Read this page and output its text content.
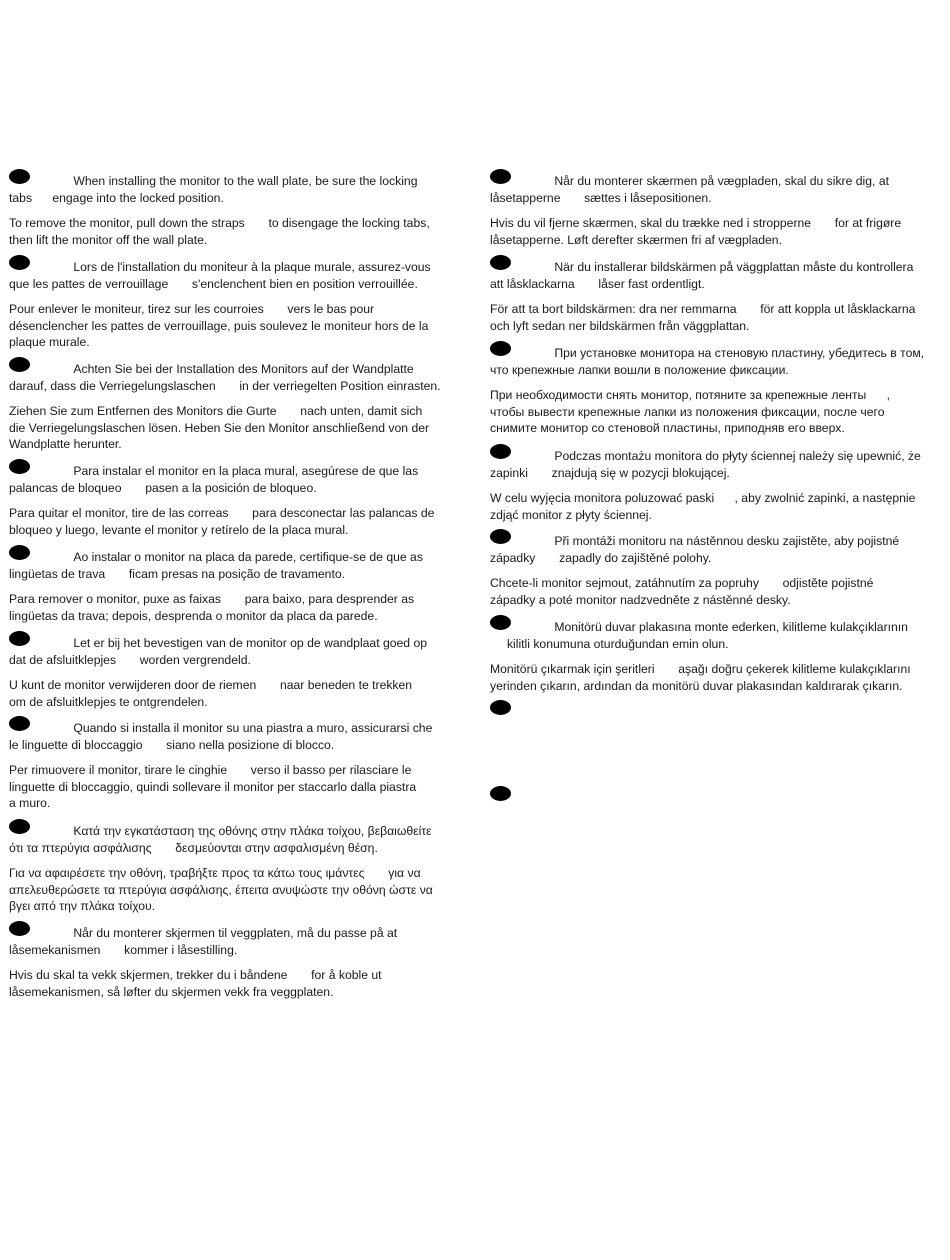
When installing the monitor to the wall plate, be sure the locking
tabs      engage into the locked position.

To remove the monitor, pull down the straps       to disengage the locking tabs,
then lift the monitor off the wall plate.

Lors de l'installation du moniteur à la plaque murale, assurez-vous
que les pattes de verrouillage       s'enclenchent bien en position verrouillée.

Pour enlever le moniteur, tirez sur les courroies       vers le bas pour
désenclencher les pattes de verrouillage, puis soulevez le moniteur hors de la
plaque murale.

Achten Sie bei der Installation des Monitors auf der Wandplatte
darauf, dass die Verriegelungslaschen       in der verriegelten Position einrasten.

Ziehen Sie zum Entfernen des Monitors die Gurte       nach unten, damit sich
die Verriegelungslaschen lösen. Heben Sie den Monitor anschließend von der
Wandplatte herunter.

Para instalar el monitor en la placa mural, asegúrese de que las
palancas de bloqueo       pasen a la posición de bloqueo.

Para quitar el monitor, tire de las correas       para desconectar las palancas de
bloqueo y luego, levante el monitor y retírelo de la placa mural.

Ao instalar o monitor na placa da parede, certifique-se de que as
lingüetas de trava       ficam presas na posição de travamento.

Para remover o monitor, puxe as faixas       para baixo, para desprender as
lingüetas da trava; depois, desprenda o monitor da placa da parede.

Let er bij het bevestigen van de monitor op de wandplaat goed op
dat de afsluitklepjes       worden vergrendeld.

U kunt de monitor verwijderen door de riemen       naar beneden te trekken
om de afsluitklepjes te ontgrendelen.

Quando si installa il monitor su una piastra a muro, assicurarsi che
le linguette di bloccaggio       siano nella posizione di blocco.

Per rimuovere il monitor, tirare le cinghie       verso il basso per rilasciare le
linguette di bloccaggio, quindi sollevare il monitor per staccarlo dalla piastra
a muro.

Κατά την εγκατάσταση της οθόνης στην πλάκα τοίχου, βεβαιωθείτε
ότι τα πτερύγια ασφάλισης       δεσμεύονται στην ασφαλισμένη θέση.

Για να αφαιρέσετε την οθόνη, τραβήξτε προς τα κάτω τους ιμάντες       για να
απελευθερώσετε τα πτερύγια ασφάλισης, έπειτα ανυψώστε την οθόνη ώστε να
βγει από την πλάκα τοίχου.

Når du monterer skjermen til veggplaten, må du passe på at
låsemekanismen       kommer i låsestilling.

Hvis du skal ta vekk skjermen, trekker du i båndene       for å koble ut
låsemekanismen, så løfter du skjermen vekk fra veggplaten.

Når du monterer skærmen på vægpladen, skal du sikre dig, at
låsetapperne       sættes i låsepositionen.

Hvis du vil fjerne skærmen, skal du trække ned i stropperne       for at frigøre
låsetapperne. Løft derefter skærmen fri af vægpladen.

När du installerar bildskärmen på väggplattan måste du kontrollera
att låsklackarna       låser fast ordentligt.

För att ta bort bildskärmen: dra ner remmarna       för att koppla ut låsklackarna
och lyft sedan ner bildskärmen från väggplattan.

При установке монитора на стеновую пластину, убедитесь в том,
что крепежные лапки вошли в положение фиксации.

При необходимости снять монитор, потяните за крепежные ленты      ,
чтобы вывести крепежные лапки из положения фиксации, после чего
снимите монитор со стеновой пластины, приподняв его вверх.

Podczas montażu monitora do płyty ściennej należy się upewnić, że
zapinki       znajdują się w pozycji blokującej.

W celu wyjęcia monitora poluzować paski      , aby zwolnić zapinki, a następnie
zdjąć monitor z płyty ściennej.

Při montáži monitoru na nástěnnou desku zajistěte, aby pojistné
západky       zapadly do zajištěné polohy.

Chcete-li monitor sejmout, zatáhnutím za popruhy       odjistěte pojistné
západky a poté monitor nadzvedněte z nástěnné desky.

Monitörü duvar plakasına monte ederken, kilitleme kulakçıklarının
kilitli konumuna oturduğundan emin olun.

Monitörü çıkarmak için şeritleri       aşağı doğru çekerek kilitleme kulakçıklarını
yerinden çıkarın, ardından da monitörü duvar plakasından kaldırarak çıkarın.
